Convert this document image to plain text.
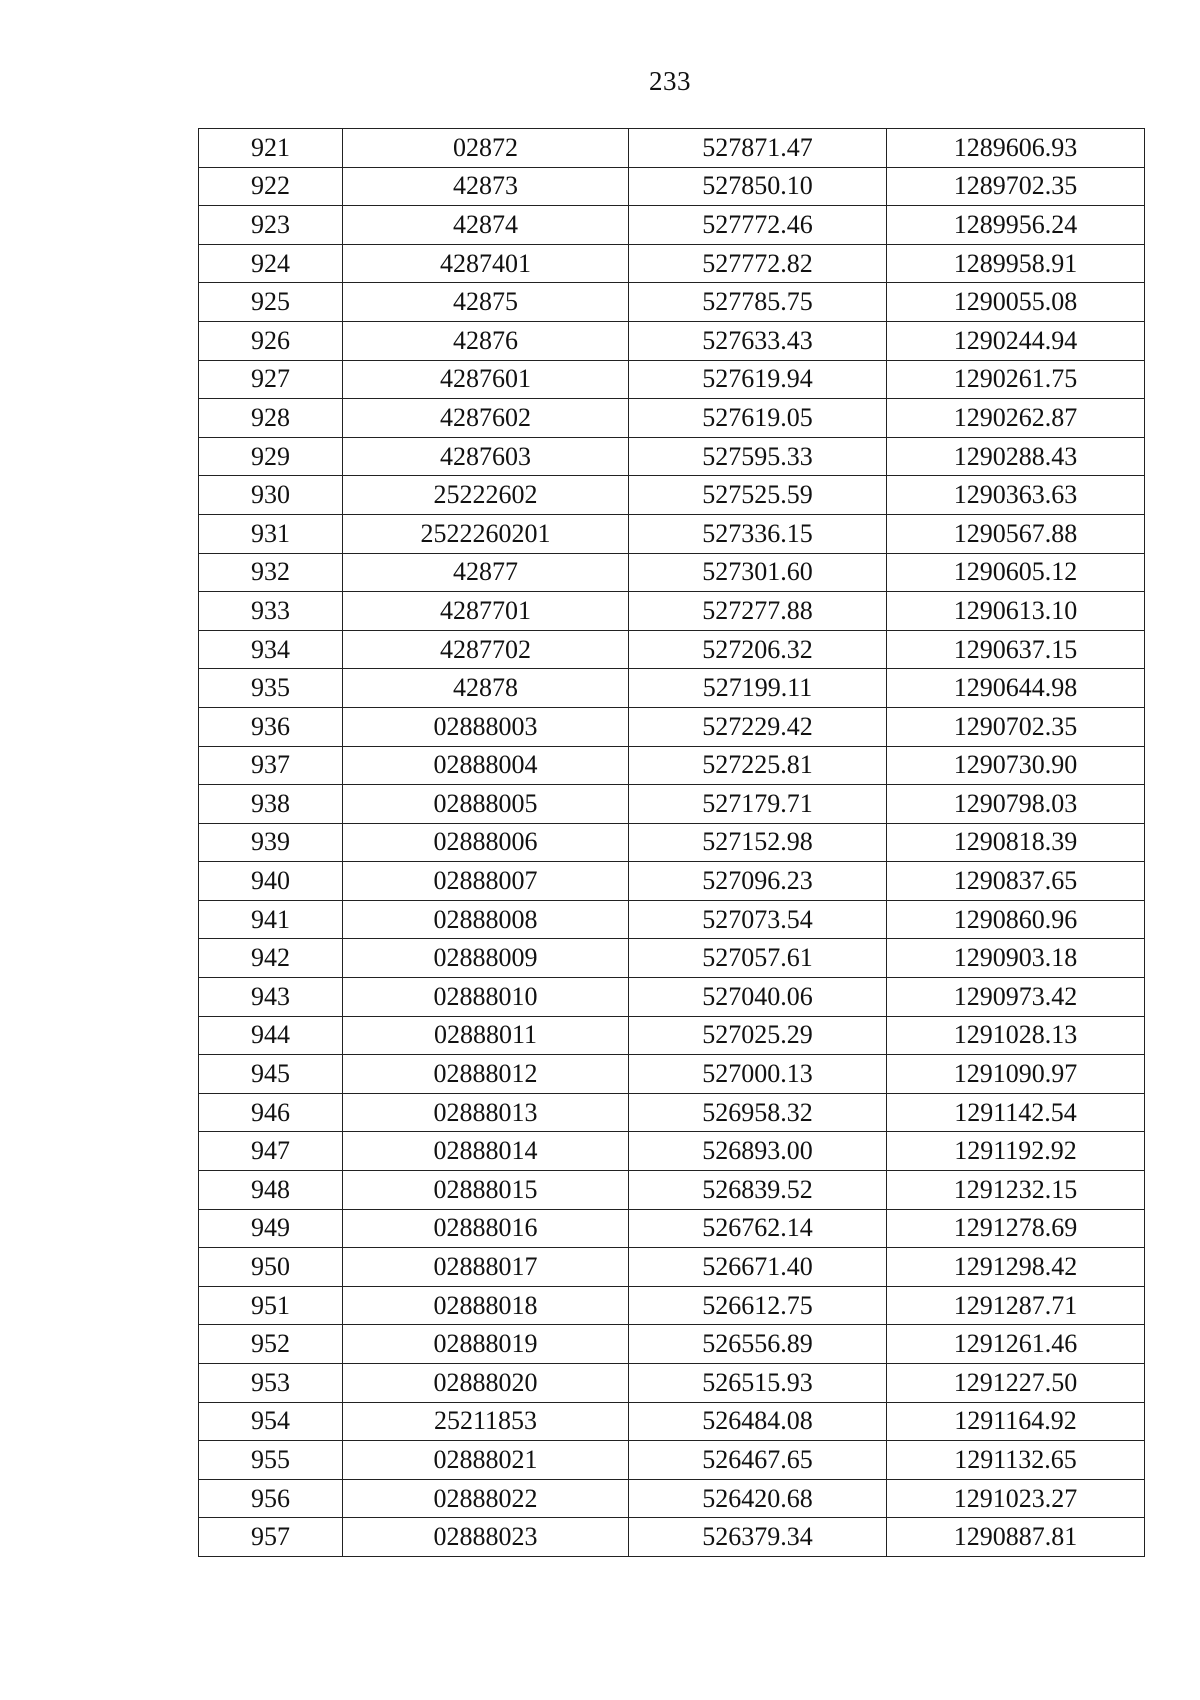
233
921	02872	527871.47	1289606.93
922	42873	527850.10	1289702.35
923	42874	527772.46	1289956.24
924	4287401	527772.82	1289958.91
925	42875	527785.75	1290055.08
926	42876	527633.43	1290244.94
927	4287601	527619.94	1290261.75
928	4287602	527619.05	1290262.87
929	4287603	527595.33	1290288.43
930	25222602	527525.59	1290363.63
931	2522260201	527336.15	1290567.88
932	42877	527301.60	1290605.12
933	4287701	527277.88	1290613.10
934	4287702	527206.32	1290637.15
935	42878	527199.11	1290644.98
936	02888003	527229.42	1290702.35
937	02888004	527225.81	1290730.90
938	02888005	527179.71	1290798.03
939	02888006	527152.98	1290818.39
940	02888007	527096.23	1290837.65
941	02888008	527073.54	1290860.96
942	02888009	527057.61	1290903.18
943	02888010	527040.06	1290973.42
944	02888011	527025.29	1291028.13
945	02888012	527000.13	1291090.97
946	02888013	526958.32	1291142.54
947	02888014	526893.00	1291192.92
948	02888015	526839.52	1291232.15
949	02888016	526762.14	1291278.69
950	02888017	526671.40	1291298.42
951	02888018	526612.75	1291287.71
952	02888019	526556.89	1291261.46
953	02888020	526515.93	1291227.50
954	25211853	526484.08	1291164.92
955	02888021	526467.65	1291132.65
956	02888022	526420.68	1291023.27
957	02888023	526379.34	1290887.81
